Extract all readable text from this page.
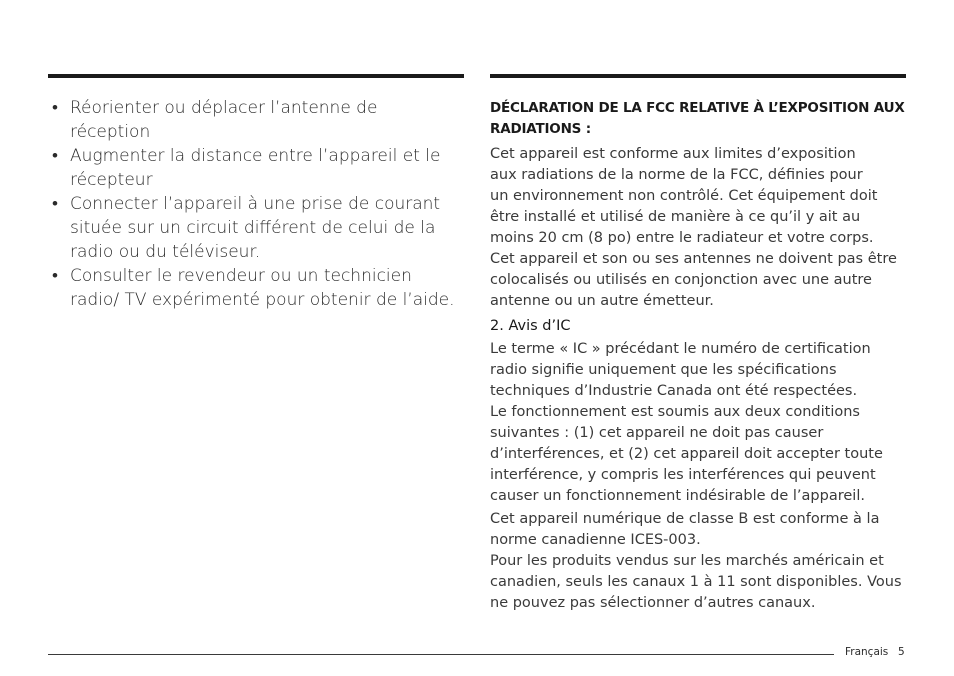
• Réorienter ou déplacer l’antenne de réception
• Augmenter la distance entre l’appareil et le récepteur
• Connecter l’appareil à une prise de courant située sur un circuit différent de celui de la radio ou du téléviseur.
• Consulter le revendeur ou un technicien radio/ TV expérimenté pour obtenir de l’aide.
DÉCLARATION DE LA FCC RELATIVE À L’EXPOSITION AUX RADIATIONS :

Cet appareil est conforme aux limites d’exposition
aux radiations de la norme de la FCC, définies pour
un environnement non contrôlé. Cet équipement doit
être installé et utilisé de manière à ce qu’il y ait au
moins 20 cm (8 po) entre le radiateur et votre corps.
Cet appareil et son ou ses antennes ne doivent pas être
colocalisés ou utilisés en conjonction avec une autre
antenne ou un autre émetteur.

2. Avis d’IC

Le terme « IC » précédant le numéro de certification
radio signifie uniquement que les spécifications
techniques d’Industrie Canada ont été respectées.
Le fonctionnement est soumis aux deux conditions
suivantes : (1) cet appareil ne doit pas causer
d’interférences, et (2) cet appareil doit accepter toute
interférence, y compris les interférences qui peuvent
causer un fonctionnement indésirable de l’appareil.

Cet appareil numérique de classe B est conforme à la
norme canadienne ICES-003.
Pour les produits vendus sur les marchés américain et
canadien, seuls les canaux 1 à 11 sont disponibles. Vous
ne pouvez pas sélectionner d’autres canaux.

Français 5
